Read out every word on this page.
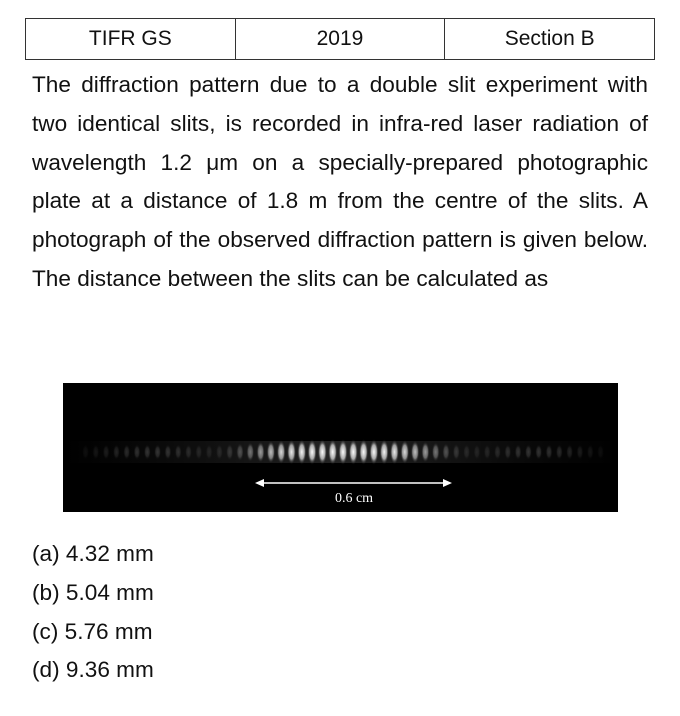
TIFR GS	2019	Section B

The diffraction pattern due to a double slit experiment with two identical slits, is recorded in infra-red laser radiation of wavelength 1.2 μm on a specially-prepared photographic plate at a distance of 1.8 m from the centre of the slits. A photograph of the observed diffraction pattern is given below. The distance between the slits can be calculated as

0.6 cm
(a) 4.32 mm
(b) 5.04 mm
(c) 5.76 mm
(d) 9.36 mm
